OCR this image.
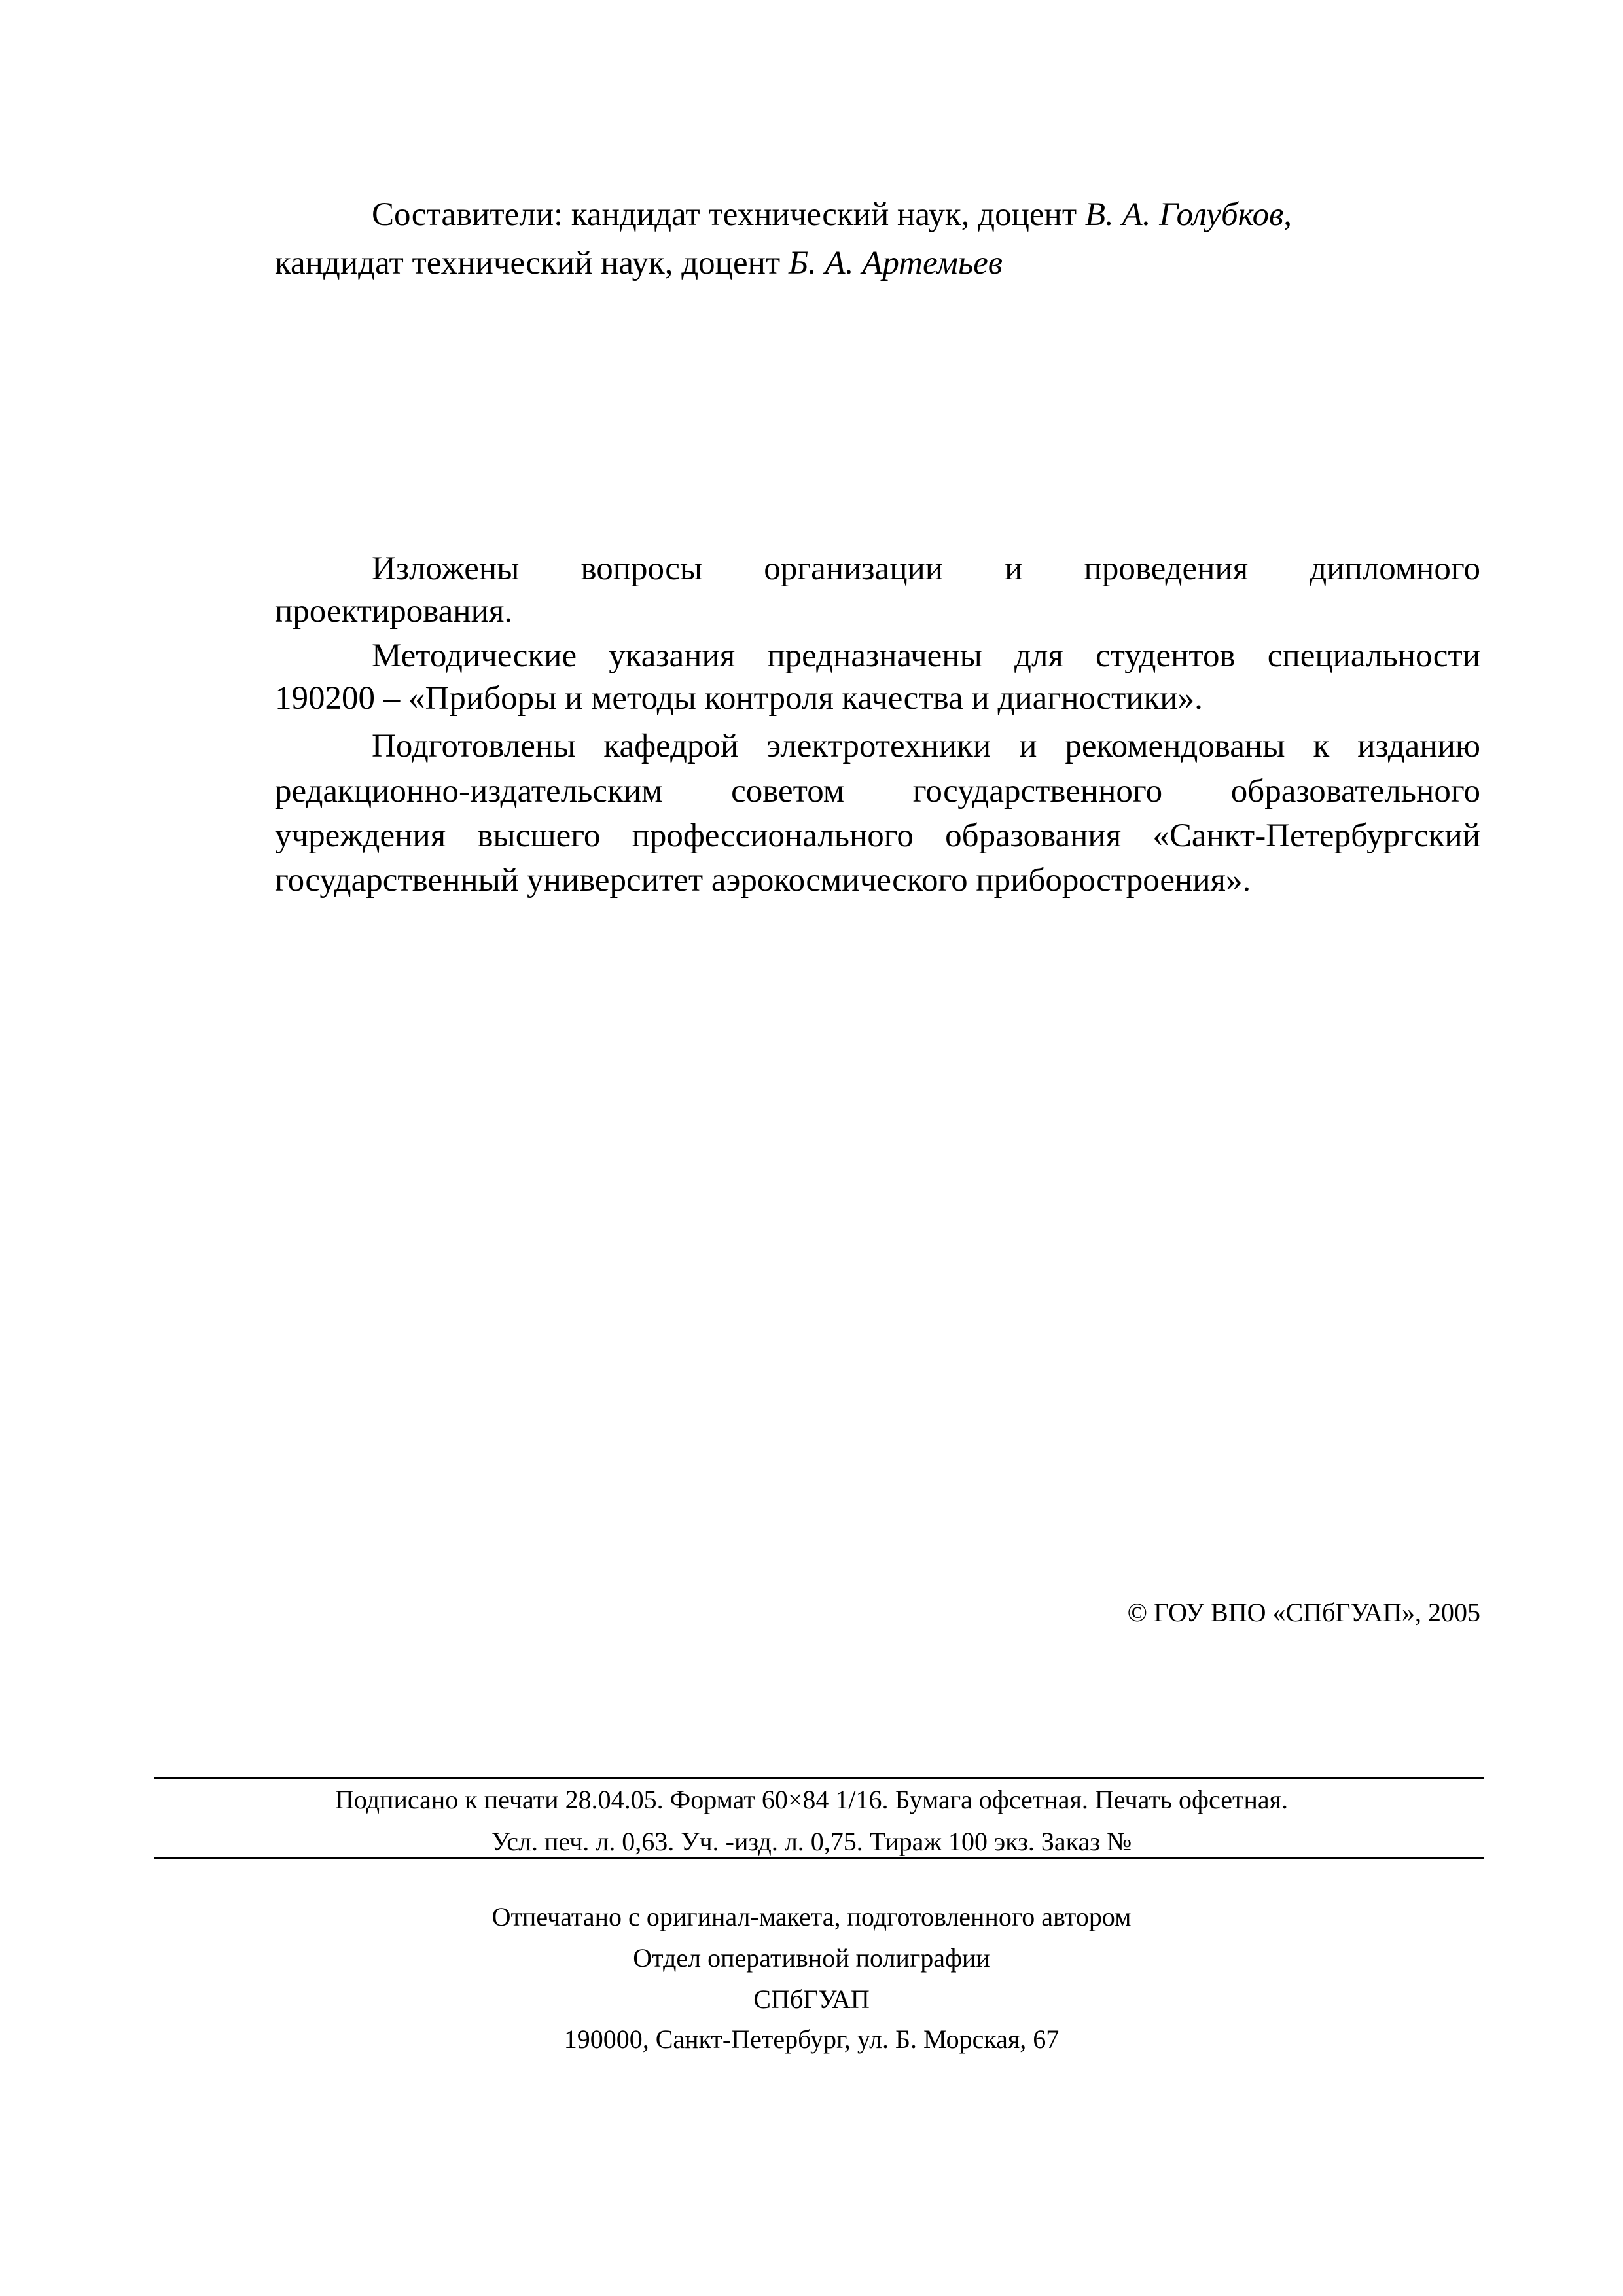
Составители: кандидат технический наук, доцент В. А. Голубков,
кандидат технический наук, доцент Б. А. Артемьев
Изложены вопросы организации и проведения дипломного
проектирования.
Методические указания предназначены для студентов специальности
190200 – «Приборы и методы контроля качества и диагностики».
Подготовлены кафедрой электротехники и рекомендованы к изданию
редакционно-издательским советом государственного образовательного
учреждения высшего профессионального образования «Санкт-Петербургский
государственный университет аэрокосмического приборостроения».
© ГОУ ВПО «СПбГУАП», 2005
Подписано к печати 28.04.05. Формат 60×84 1/16. Бумага офсетная. Печать офсетная.
Усл. печ. л. 0,63. Уч. -изд. л. 0,75. Тираж 100 экз. Заказ №
Отпечатано с оригинал-макета, подготовленного автором
Отдел оперативной полиграфии
СПбГУАП
190000, Санкт-Петербург, ул. Б. Морская, 67
